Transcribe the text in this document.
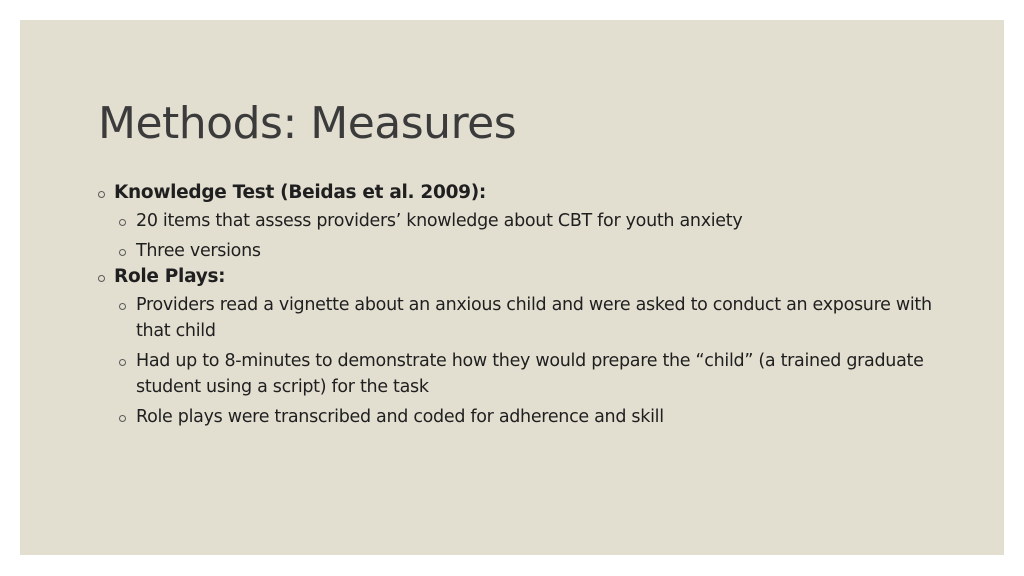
Methods: Measures
Knowledge Test (Beidas et al. 2009):
20 items that assess providers’ knowledge about CBT for youth anxiety
Three versions
Role Plays:
Providers read a vignette about an anxious child and were asked to conduct an exposure with that child
Had up to 8-minutes to demonstrate how they would prepare the “child” (a trained graduate student using a script) for the task
Role plays were transcribed and coded for adherence and skill
